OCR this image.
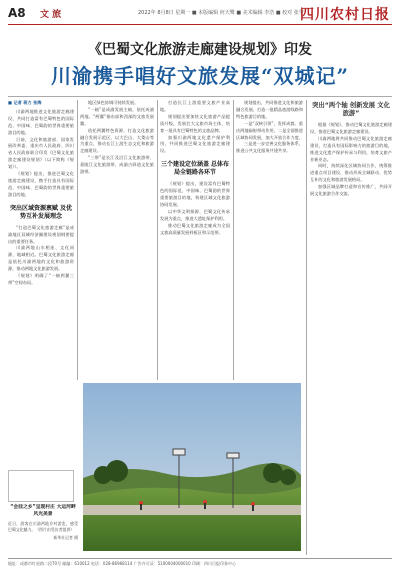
A8 文 旅	2022年 8月8日 星期一 ■ 本版编辑 何天鹭 ■ 美术编辑 李浩 ■ 校对 张莹
四川农村日报
《巴蜀文化旅游走廊建设规划》印发
川渝携手唱好文旅发展“双城记”
■ 记者 蒋力 张海

川渝两地推进文化旅游走廊建设，共同打造富有巴蜀特色的国际范、中国味、巴蜀韵的世界重要旅游目的地。

日前，文化和旅游部、国家发展改革委、重庆市人民政府、四川省人民政府联合印发《巴蜀文化旅游走廊建设规划》（以下简称《规划》）。

《规划》提出，推进巴蜀文化旅游走廊建设，携手打造具有国际范、中国味、巴蜀韵的世界重要旅游目的地。

突出区域资源禀赋 及优势互补发展理念

“打造巴蜀文化旅游走廊”是成渝地区双城经济圈建设规划纲要提出的重要任务。

川渝两地山水相连、文化同源，地域相近。巴蜀文化旅游走廊是依托川渝两地的文化和旅游资源，推动两地文化旅游发展。

《规划》明确了“一轴两翼三带”空间布局。

地区绿色协调可持续发展。

“一轴”是成渝发展主轴，依托成渝两地。“两翼”指东部和西部的文旅发展翼。

依托两翼特色资源，打造文化旅游融合发展示范区，以大巴山、大娄山等为重点，推动长江上游生态文化和旅游走廊建设。

“三带”是长江及沿江文化旅游带、嘉陵江文化旅游带、成渝古驿道文化旅游带。

打造长江上游重要文旅产业高地。

规划提出要加快文化旅游产品提质升级，发展壮大文旅市场主体，培育一批具有巴蜀特色的文旅品牌。

加强川渝两地文化遗产保护利用，共同推进巴蜀文化旅游走廊建设。

三个建设定位涵盖 总体布局全链路各环节

《规划》提出，建设富有巴蜀特色的国际范、中国味、巴蜀韵的世界重要旅游目的地，构建区域文化旅游协同发展。

以中华文明探源、巴蜀文化传承发展为重点，推进大遗址保护利用。

推动巴蜀文化旅游走廊成为全国文旅高质量发展样板区和示范带。

规划提出，共同推进文化和旅游融合发展。打造一批精品旅游线路和特色旅游目的地。

一是“双核引领”，发挥成都、重庆两地辐射带动作用，二是全面推进区域协同发展，加大开放合作力度。

三是进一步完善文化服务体系，推进公共文化服务共建共享。

突出“两个轴 创新发展 文化旅游”

根据《规划》，推动巴蜀文化旅游走廊建设，推进巴蜀文化旅游走廊建设。

川渝两地将共同推动巴蜀文化旅游走廊建设，打造具有国际影响力的旅游目的地，推进文化遗产保护传承与利用，培育文旅产业新业态。

同时，持续深化区域协同合作，统筹推进重点项目建设，推动形成全域联动、优势互补的文化和旅游发展格局。

加强区域品牌打造和宣传推广，共同开展文化旅游合作交流。

“会挂之乡”呈现村庄 大运河畔风光美景
近日，游客在川渝两地乡村游览，感受巴蜀文化魅力。（图片由受访者提供）
新华社记者 摄
地址：成都市红星路二段70号 邮编：610012 电话：028-86968114 广告许可证：5100004000010 印刷：四川日报印务中心
